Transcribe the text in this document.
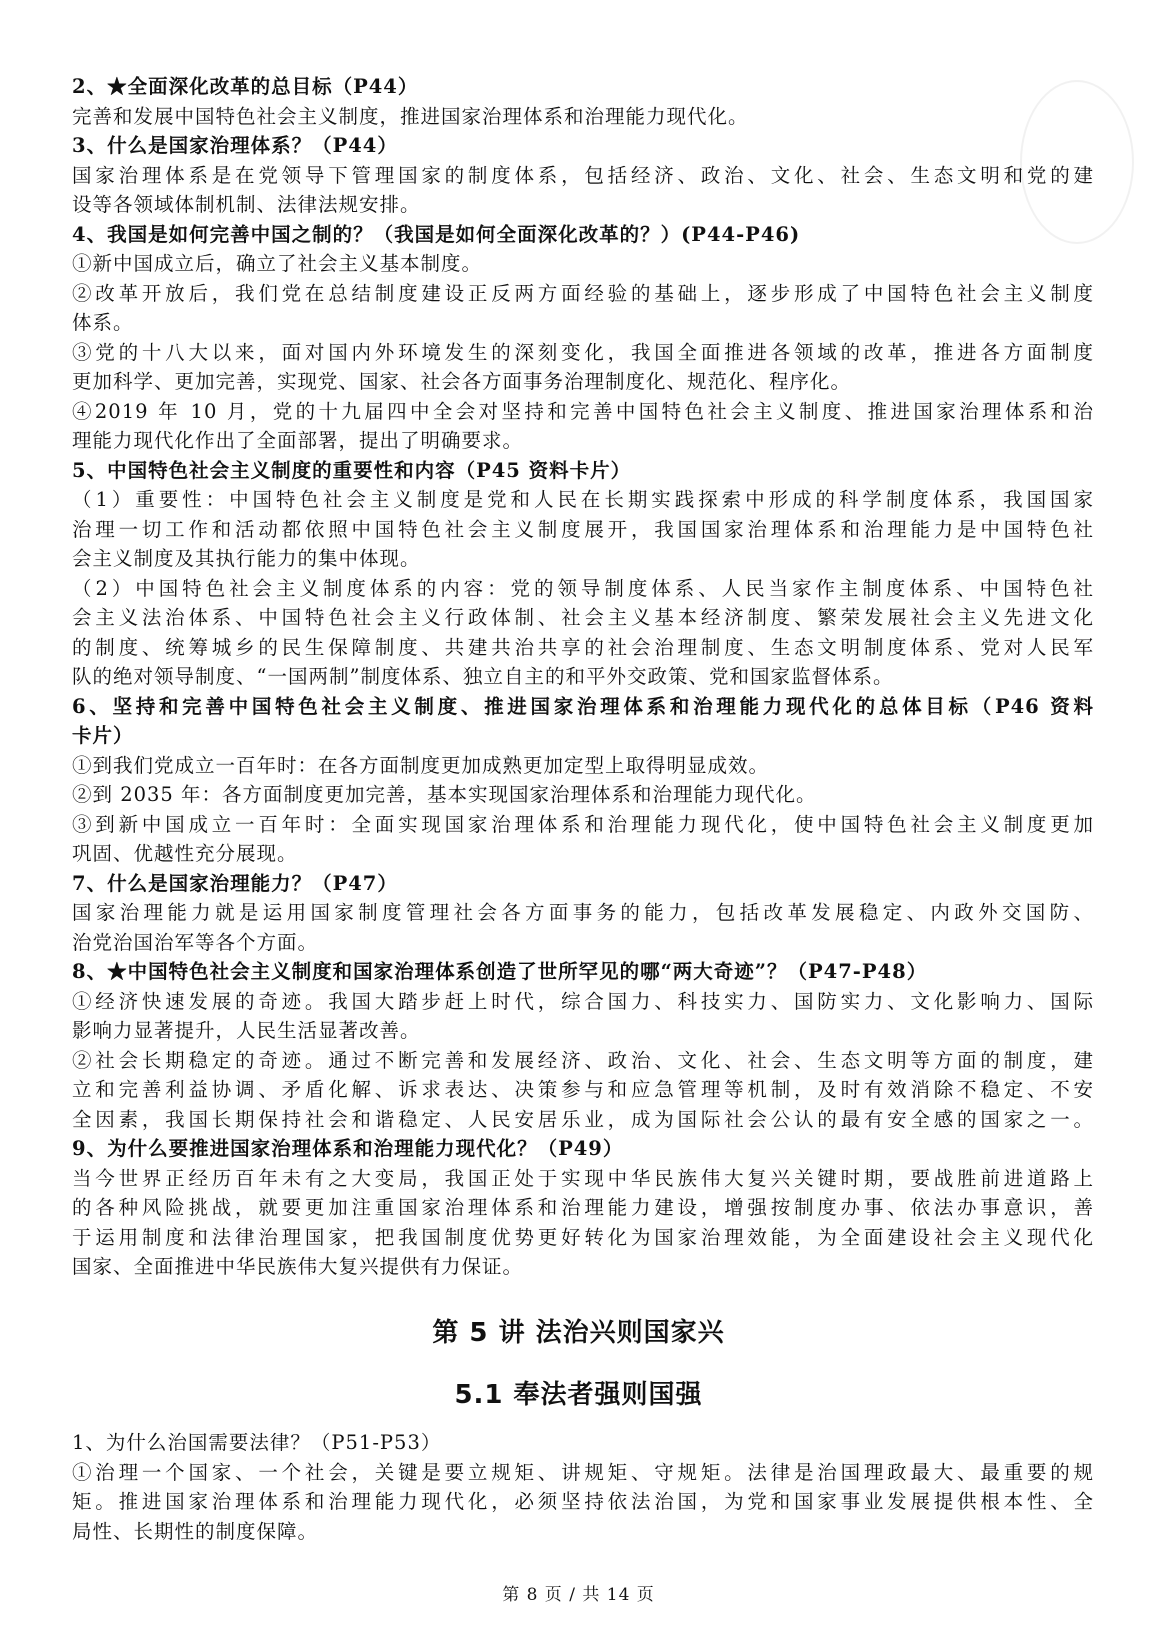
2、★全面深化改革的总目标（P44）
完善和发展中国特色社会主义制度，推进国家治理体系和治理能力现代化。
3、什么是国家治理体系？（P44）
国家治理体系是在党领导下管理国家的制度体系，包括经济、政治、文化、社会、生态文明和党的建
设等各领域体制机制、法律法规安排。
4、我国是如何完善中国之制的？（我国是如何全面深化改革的？）(P44-P46)
①新中国成立后，确立了社会主义基本制度。
②改革开放后，我们党在总结制度建设正反两方面经验的基础上，逐步形成了中国特色社会主义制度
体系。
③党的十八大以来，面对国内外环境发生的深刻变化，我国全面推进各领域的改革，推进各方面制度
更加科学、更加完善，实现党、国家、社会各方面事务治理制度化、规范化、程序化。
④2019 年 10 月，党的十九届四中全会对坚持和完善中国特色社会主义制度、推进国家治理体系和治
理能力现代化作出了全面部署，提出了明确要求。
5、中国特色社会主义制度的重要性和内容（P45 资料卡片）
（1）重要性：中国特色社会主义制度是党和人民在长期实践探索中形成的科学制度体系，我国国家
治理一切工作和活动都依照中国特色社会主义制度展开，我国国家治理体系和治理能力是中国特色社
会主义制度及其执行能力的集中体现。
（2）中国特色社会主义制度体系的内容：党的领导制度体系、人民当家作主制度体系、中国特色社
会主义法治体系、中国特色社会主义行政体制、社会主义基本经济制度、繁荣发展社会主义先进文化
的制度、统筹城乡的民生保障制度、共建共治共享的社会治理制度、生态文明制度体系、党对人民军
队的绝对领导制度、“一国两制”制度体系、独立自主的和平外交政策、党和国家监督体系。
6、坚持和完善中国特色社会主义制度、推进国家治理体系和治理能力现代化的总体目标（P46 资料
卡片）
①到我们党成立一百年时：在各方面制度更加成熟更加定型上取得明显成效。
②到 2035 年：各方面制度更加完善，基本实现国家治理体系和治理能力现代化。
③到新中国成立一百年时：全面实现国家治理体系和治理能力现代化，使中国特色社会主义制度更加
巩固、优越性充分展现。
7、什么是国家治理能力？（P47）
国家治理能力就是运用国家制度管理社会各方面事务的能力，包括改革发展稳定、内政外交国防、
治党治国治军等各个方面。
8、★中国特色社会主义制度和国家治理体系创造了世所罕见的哪“两大奇迹”？（P47-P48）
①经济快速发展的奇迹。我国大踏步赶上时代，综合国力、科技实力、国防实力、文化影响力、国际
影响力显著提升，人民生活显著改善。
②社会长期稳定的奇迹。通过不断完善和发展经济、政治、文化、社会、生态文明等方面的制度，建
立和完善利益协调、矛盾化解、诉求表达、决策参与和应急管理等机制，及时有效消除不稳定、不安
全因素，我国长期保持社会和谐稳定、人民安居乐业，成为国际社会公认的最有安全感的国家之一。
9、为什么要推进国家治理体系和治理能力现代化？（P49）
当今世界正经历百年未有之大变局，我国正处于实现中华民族伟大复兴关键时期，要战胜前进道路上
的各种风险挑战，就要更加注重国家治理体系和治理能力建设，增强按制度办事、依法办事意识，善
于运用制度和法律治理国家，把我国制度优势更好转化为国家治理效能，为全面建设社会主义现代化
国家、全面推进中华民族伟大复兴提供有力保证。
第 5 讲 法治兴则国家兴
5.1 奉法者强则国强
1、为什么治国需要法律？（P51-P53）
①治理一个国家、一个社会，关键是要立规矩、讲规矩、守规矩。法律是治国理政最大、最重要的规
矩。推进国家治理体系和治理能力现代化，必须坚持依法治国，为党和国家事业发展提供根本性、全
局性、长期性的制度保障。
第 8 页 / 共 14 页
